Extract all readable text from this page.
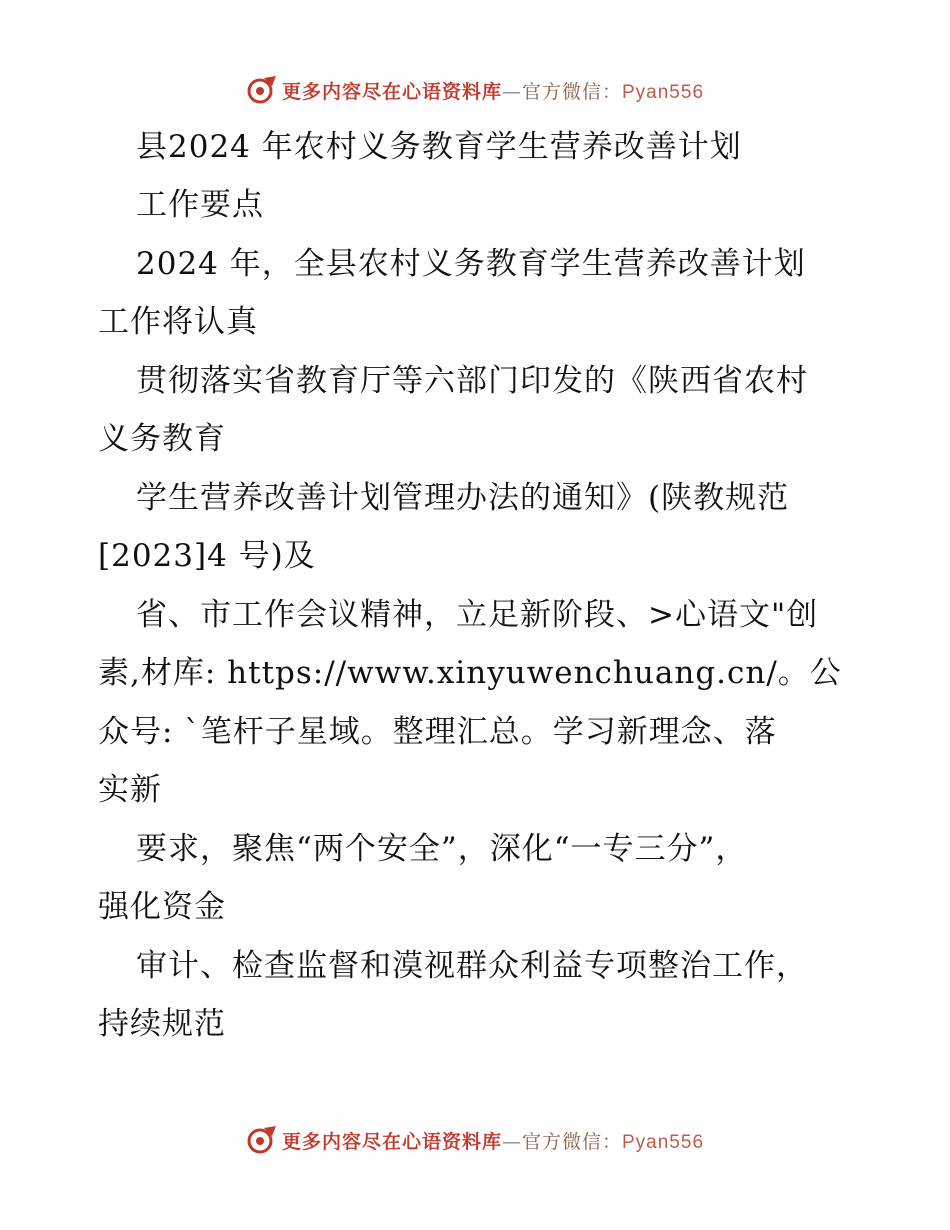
更多内容尽在心语资料库—官方微信：Pyan556
县2024 年农村义务教育学生营养改善计划
工作要点
2024 年，全县农村义务教育学生营养改善计划
工作将认真
贯彻落实省教育厅等六部门印发的《陕西省农村
义务教育
学生营养改善计划管理办法的通知》(陕教规范
[2023]4 号)及
省、市工作会议精神，立足新阶段、>心语文"创
素,材库: https://www.xinyuwenchuang.cn/。公
众号: `笔杆子星域。整理汇总。学习新理念、落
实新
要求，聚焦“两个安全”，深化“一专三分”，
强化资金
审计、检查监督和漠视群众利益专项整治工作，
持续规范
更多内容尽在心语资料库—官方微信：Pyan556
